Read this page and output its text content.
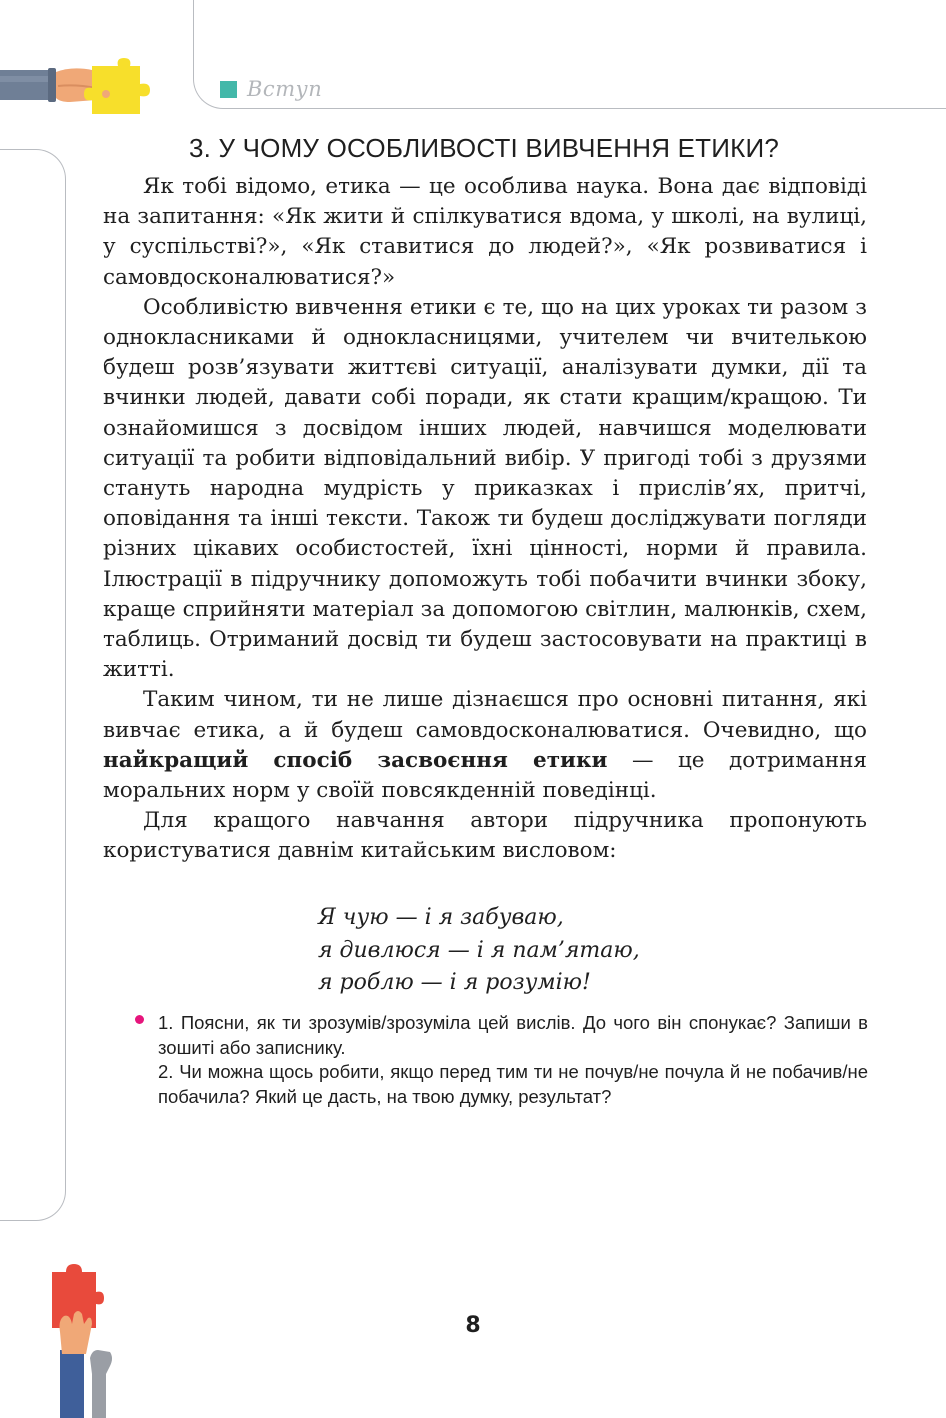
Вступ
3. У ЧОМУ ОСОБЛИВОСТІ ВИВЧЕННЯ ЕТИКИ?

Як тобі відомо, етика — це особлива наука. Вона дає відповіді на запитання: «Як жити й спілкуватися вдома, у школі, на вулиці, у суспільстві?», «Як ставитися до людей?», «Як розвиватися і самовдосконалюватися?»

Особливістю вивчення етики є те, що на цих уроках ти разом з однокласниками й однокласницями, учителем чи вчителькою будеш розв’язувати життєві ситуації, аналізувати думки, дії та вчинки людей, давати собі поради, як стати кращим/кращою. Ти ознайомишся з досвідом інших людей, навчишся моделювати ситуації та робити відповідальний вибір. У пригоді тобі з друзями стануть народна мудрість у приказках і прислів’ях, притчі, оповідання та інші тексти. Також ти будеш досліджувати погляди різних цікавих особистостей, їхні цінності, норми й правила. Ілюстрації в підручнику допоможуть тобі побачити вчинки збоку, краще сприйняти матеріал за допомогою світлин, малюнків, схем, таблиць. Отриманий досвід ти будеш застосовувати на практиці в житті.

Таким чином, ти не лише дізнаєшся про основні питання, які вивчає етика, а й будеш самовдосконалюватися. Очевидно, що найкращий спосіб засвоєння етики — це дотримання моральних норм у своїй повсякденній поведінці.

Для кращого навчання автори підручника пропонують користуватися давнім китайським висловом:

Я чую — і я забуваю,
я дивлюся — і я пам’ятаю,
я роблю — і я розумію!

1. Поясни, як ти зрозумів/зрозуміла цей вислів. До чого він спонукає? Запиши в зошиті або записнику.

2. Чи можна щось робити, якщо перед тим ти не почув/не почула й не побачив/не побачила? Який це дасть, на твою думку, результат?

8
